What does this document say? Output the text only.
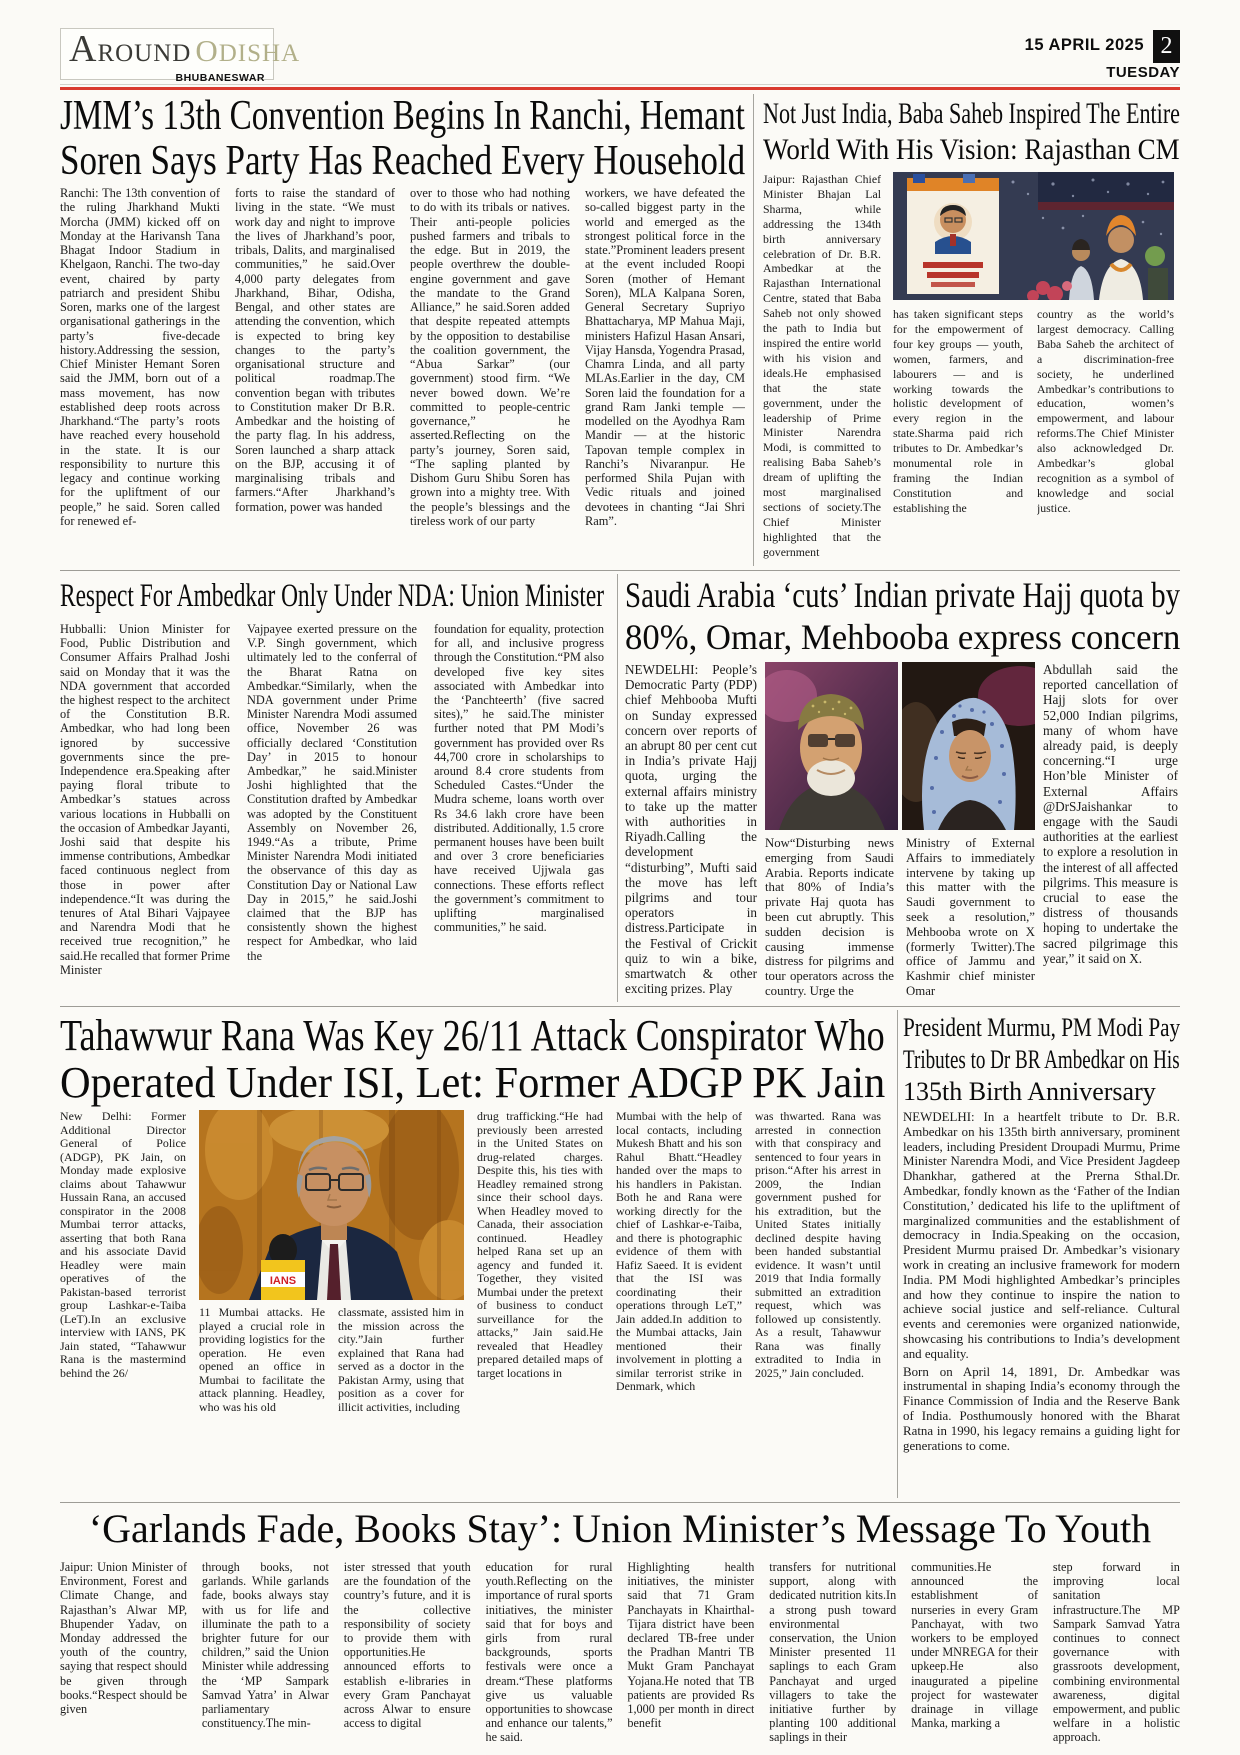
AROUND ODISHA
BHUBANESWAR
15 APRIL 2025 2
TUESDAY
JMM’s 13th Convention Begins In Ranchi, Hemant
Soren Says Party Has Reached Every Household
Ranchi: The 13th convention of the ruling Jharkhand Mukti Morcha (JMM) kicked off on Monday at the Harivansh Tana Bhagat Indoor Stadium in Khelgaon, Ranchi. The two-day event, chaired by party patriarch and president Shibu Soren, marks one of the largest organisational gatherings in the party’s five-decade history.Addressing the session, Chief Minister Hemant Soren said the JMM, born out of a mass movement, has now established deep roots across Jharkhand.“The party’s roots have reached every household in the state. It is our responsibility to nurture this legacy and continue working for the upliftment of our people,” he said. Soren called for renewed ef-
forts to raise the standard of living in the state. “We must work day and night to improve the lives of Jharkhand’s poor, tribals, Dalits, and marginalised communities,” he said.Over 4,000 party delegates from Jharkhand, Bihar, Odisha, Bengal, and other states are attending the convention, which is expected to bring key changes to the party’s organisational structure and political roadmap.The convention began with tributes to Constitution maker Dr B.R. Ambedkar and the hoisting of the party flag. In his address, Soren launched a sharp attack on the BJP, accusing it of marginalising tribals and farmers.“After Jharkhand’s formation, power was handed
over to those who had nothing to do with its tribals or natives. Their anti-people policies pushed farmers and tribals to the edge. But in 2019, the people overthrew the double-engine government and gave the mandate to the Grand Alliance,” he said.Soren added that despite repeated attempts by the opposition to destabilise the coalition government, the “Abua Sarkar” (our government) stood firm. “We never bowed down. We’re committed to people-centric governance,” he asserted.Reflecting on the party’s journey, Soren said, “The sapling planted by Dishom Guru Shibu Soren has grown into a mighty tree. With the people’s blessings and the tireless work of our party
workers, we have defeated the so-called biggest party in the world and emerged as the strongest political force in the state.”Prominent leaders present at the event included Roopi Soren (mother of Hemant Soren), MLA Kalpana Soren, General Secretary Supriyo Bhattacharya, MP Mahua Maji, ministers Hafizul Hasan Ansari, Vijay Hansda, Yogendra Prasad, Chamra Linda, and all party MLAs.Earlier in the day, CM Soren laid the foundation for a grand Ram Janki temple — modelled on the Ayodhya Ram Mandir — at the historic Tapovan temple complex in Ranchi’s Nivaranpur. He performed Shila Pujan with Vedic rituals and joined devotees in chanting “Jai Shri Ram”.
Not Just India, Baba Saheb Inspired The Entire
World With His Vision: Rajasthan CM
Jaipur: Rajasthan Chief Minister Bhajan Lal Sharma, while addressing the 134th birth anniversary celebration of Dr. B.R. Ambedkar at the Rajasthan International Centre, stated that Baba Saheb not only showed the path to India but inspired the entire world with his vision and ideals.He emphasised that the state government, under the leadership of Prime Minister Narendra Modi, is committed to realising Baba Saheb’s dream of uplifting the most marginalised sections of society.The Chief Minister highlighted that the government
has taken significant steps for the empowerment of four key groups — youth, women, farmers, and labourers — and is working towards the holistic development of every region in the state.Sharma paid rich tributes to Dr. Ambedkar’s monumental role in framing the Indian Constitution and establishing the
country as the world’s largest democracy. Calling Baba Saheb the architect of a discrimination-free society, he underlined Ambedkar’s contributions to education, women’s empowerment, and labour reforms.The Chief Minister also acknowledged Dr. Ambedkar’s global recognition as a symbol of knowledge and social justice.
Respect For Ambedkar Only Under NDA: Union Minister
Hubballi: Union Minister for Food, Public Distribution and Consumer Affairs Pralhad Joshi said on Monday that it was the NDA government that accorded the highest respect to the architect of the Constitution B.R. Ambedkar, who had long been ignored by successive governments since the pre-Independence era.Speaking after paying floral tribute to Ambedkar’s statues across various locations in Hubballi on the occasion of Ambedkar Jayanti, Joshi said that despite his immense contributions, Ambedkar faced continuous neglect from those in power after independence.“It was during the tenures of Atal Bihari Vajpayee and Narendra Modi that he received true recognition,” he said.He recalled that former Prime Minister
Vajpayee exerted pressure on the V.P. Singh government, which ultimately led to the conferral of the Bharat Ratna on Ambedkar.“Similarly, when the NDA government under Prime Minister Narendra Modi assumed office, November 26 was officially declared ‘Constitution Day’ in 2015 to honour Ambedkar,” he said.Minister Joshi highlighted that the Constitution drafted by Ambedkar was adopted by the Constituent Assembly on November 26, 1949.“As a tribute, Prime Minister Narendra Modi initiated the observance of this day as Constitution Day or National Law Day in 2015,” he said.Joshi claimed that the BJP has consistently shown the highest respect for Ambedkar, who laid the
foundation for equality, protection for all, and inclusive progress through the Constitution.“PM also developed five key sites associated with Ambedkar into the ‘Panchteerth’ (five sacred sites),” he said.The minister further noted that PM Modi’s government has provided over Rs 44,700 crore in scholarships to around 8.4 crore students from Scheduled Castes.“Under the Mudra scheme, loans worth over Rs 34.6 lakh crore have been distributed. Additionally, 1.5 crore permanent houses have been built and over 3 crore beneficiaries have received Ujjwala gas connections. These efforts reflect the government’s commitment to uplifting marginalised communities,” he said.
Saudi Arabia ‘cuts’ Indian private Hajj quota by
80%, Omar, Mehbooba express concern
NEWDELHI: People’s Democratic Party (PDP) chief Mehbooba Mufti on Sunday expressed concern over reports of an abrupt 80 per cent cut in India’s private Hajj quota, urging the external affairs ministry to take up the matter with authorities in Riyadh.Calling the development “disturbing”, Mufti said the move has left pilgrims and tour operators in distress.Participate in the Festival of Crickit quiz to win a bike, smartwatch & other exciting prizes. Play
Now“Disturbing news emerging from Saudi Arabia. Reports indicate that 80% of India’s private Haj quota has been cut abruptly. This sudden decision is causing immense distress for pilgrims and tour operators across the country. Urge the
Ministry of External Affairs to immediately intervene by taking up this matter with the Saudi government to seek a resolution,” Mehbooba wrote on X (formerly Twitter).The office of Jammu and Kashmir chief minister Omar
Abdullah said the reported cancellation of Hajj slots for over 52,000 Indian pilgrims, many of whom have already paid, is deeply concerning.“I urge Hon’ble Minister of External Affairs @DrSJaishankar to engage with the Saudi authorities at the earliest to explore a resolution in the interest of all affected pilgrims. This measure is crucial to ease the distress of thousands hoping to undertake the sacred pilgrimage this year,” it said on X.
Tahawwur Rana Was Key 26/11 Attack Conspirator Who
Operated Under ISI, Let: Former ADGP PK Jain
New Delhi: Former Additional Director General of Police (ADGP), PK Jain, on Monday made explosive claims about Tahawwur Hussain Rana, an accused conspirator in the 2008 Mumbai terror attacks, asserting that both Rana and his associate David Headley were main operatives of the Pakistan-based terrorist group Lashkar-e-Taiba (LeT).In an exclusive interview with IANS, PK Jain stated, “Tahawwur Rana is the mastermind behind the 26/
IANS
11 Mumbai attacks. He played a crucial role in providing logistics for the operation. He even opened an office in Mumbai to facilitate the attack planning. Headley, who was his old
classmate, assisted him in the mission across the city.”Jain further explained that Rana had served as a doctor in the Pakistan Army, using that position as a cover for illicit activities, including
drug trafficking.“He had previously been arrested in the United States on drug-related charges. Despite this, his ties with Headley remained strong since their school days. When Headley moved to Canada, their association continued. Headley helped Rana set up an agency and funded it. Together, they visited Mumbai under the pretext of business to conduct surveillance for the attacks,” Jain said.He revealed that Headley prepared detailed maps of target locations in
Mumbai with the help of local contacts, including Mukesh Bhatt and his son Rahul Bhatt.“Headley handed over the maps to his handlers in Pakistan. Both he and Rana were working directly for the chief of Lashkar-e-Taiba, and there is photographic evidence of them with Hafiz Saeed. It is evident that the ISI was coordinating their operations through LeT,” Jain added.In addition to the Mumbai attacks, Jain mentioned their involvement in plotting a similar terrorist strike in Denmark, which
was thwarted. Rana was arrested in connection with that conspiracy and sentenced to four years in prison.“After his arrest in 2009, the Indian government pushed for his extradition, but the United States initially declined despite having been handed substantial evidence. It wasn’t until 2019 that India formally submitted an extradition request, which was followed up consistently. As a result, Tahawwur Rana was finally extradited to India in 2025,” Jain concluded.
President Murmu, PM Modi Pay
Tributes to Dr BR Ambedkar on His
135th Birth Anniversary

NEWDELHI: In a heartfelt tribute to Dr. B.R. Ambedkar on his 135th birth anniversary, prominent leaders, including President Droupadi Murmu, Prime Minister Narendra Modi, and Vice President Jagdeep Dhankhar, gathered at the Prerna Sthal.Dr. Ambedkar, fondly known as the ‘Father of the Indian Constitution,’ dedicated his life to the upliftment of marginalized communities and the establishment of democracy in India.Speaking on the occasion, President Murmu praised Dr. Ambedkar’s visionary work in creating an inclusive framework for modern India. PM Modi highlighted Ambedkar’s principles and how they continue to inspire the nation to achieve social justice and self-reliance. Cultural events and ceremonies were organized nationwide, showcasing his contributions to India’s development and equality.

Born on April 14, 1891, Dr. Ambedkar was instrumental in shaping India’s economy through the Finance Commission of India and the Reserve Bank of India. Posthumously honored with the Bharat Ratna in 1990, his legacy remains a guiding light for generations to come.

‘Garlands Fade, Books Stay’: Union Minister’s Message To Youth
Jaipur: Union Minister of Environment, Forest and Climate Change, and Rajasthan’s Alwar MP, Bhupender Yadav, on Monday addressed the youth of the country, saying that respect should be given through books.“Respect should be given
through books, not garlands. While garlands fade, books always stay with us for life and illuminate the path to a brighter future for our children,” said the Union Minister while addressing the ‘MP Sampark Samvad Yatra’ in Alwar parliamentary constituency.The min-
ister stressed that youth are the foundation of the country’s future, and it is the collective responsibility of society to provide them with opportunities.He announced efforts to establish e-libraries in every Gram Panchayat across Alwar to ensure access to digital
education for rural youth.Reflecting on the importance of rural sports initiatives, the minister said that for boys and girls from rural backgrounds, sports festivals were once a dream.“These platforms give us valuable opportunities to showcase and enhance our talents,” he said.
Highlighting health initiatives, the minister said that 71 Gram Panchayats in Khairthal-Tijara district have been declared TB-free under the Pradhan Mantri TB Mukt Gram Panchayat Yojana.He noted that TB patients are provided Rs 1,000 per month in direct benefit
transfers for nutritional support, along with dedicated nutrition kits.In a strong push toward environmental conservation, the Union Minister presented 11 saplings to each Gram Panchayat and urged villagers to take the initiative further by planting 100 additional saplings in their
communities.He announced the establishment of nurseries in every Gram Panchayat, with two workers to be employed under MNREGA for their upkeep.He also inaugurated a pipeline project for wastewater drainage in village Manka, marking a
step forward in improving local sanitation infrastructure.The MP Sampark Samvad Yatra continues to connect governance with grassroots development, combining environmental awareness, digital empowerment, and public welfare in a holistic approach.
